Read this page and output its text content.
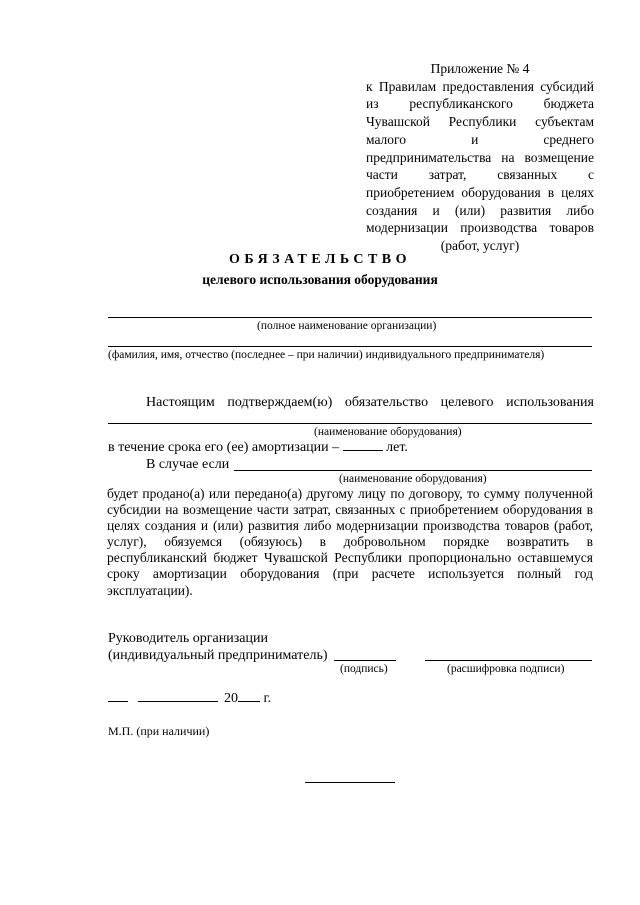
Приложение № 4
к Правилам предоставления субсидий из республиканского бюджета Чувашской Республики субъектам малого и среднего предпринимательства на возмещение части затрат, связанных с приобретением оборудования в целях создания и (или) развития либо модернизации производства товаров (работ, услуг)
ОБЯЗАТЕЛЬСТВО
целевого использования оборудования
(полное наименование организации)
(фамилия, имя, отчество (последнее – при наличии) индивидуального предпринимателя)
Настоящим подтверждаем(ю) обязательство целевого использования
(наименование оборудования)
в течение срока его (ее) амортизации –	лет.
В случае если
(наименование оборудования)
будет продано(а) или передано(а) другому лицу по договору, то сумму полученной субсидии на возмещение части затрат, связанных с приобретением оборудования в целях создания и (или) развития либо модернизации производства товаров (работ, услуг), обязуемся (обязуюсь) в добровольном порядке возвратить в республиканский бюджет Чувашской Республики пропорционально оставшемуся сроку амортизации оборудования (при расчете используется полный год эксплуатации).
Руководитель организации
(индивидуальный предприниматель)
(подпись)	(расшифровка подписи)
20 г.
М.П. (при наличии)
